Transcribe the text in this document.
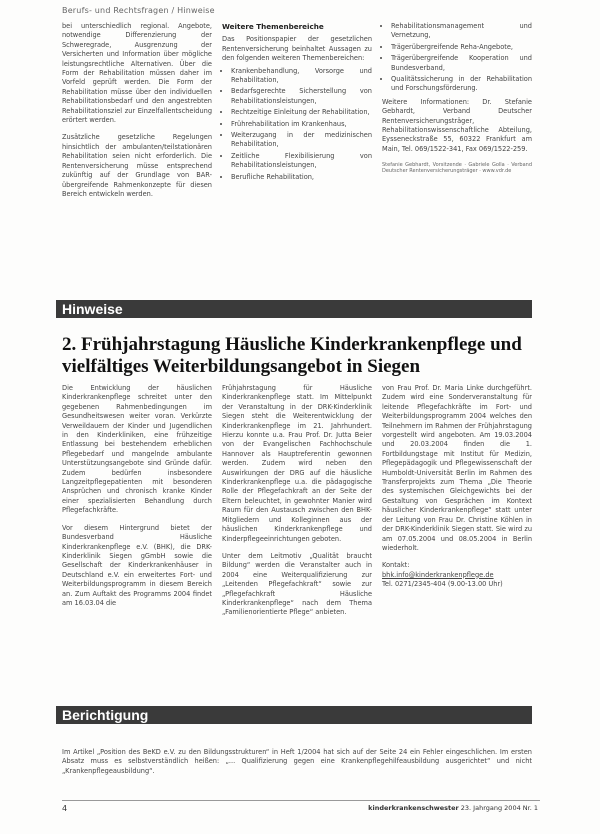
Berufs- und Rechtsfragen / Hinweise

bei unterschiedlich regional. Angebote, notwendige Differenzierung der Schweregrade, Ausgrenzung der Versicherten und Information über mögliche leistungsrechtliche Alternativen. Über die Form der Rehabilitation müssen daher im Vorfeld geprüft werden. Die Form der Rehabilitation müsse über den individuellen Rehabilitationsbedarf und den angestrebten Rehabilitationsziel zur Einzelfallentscheidung erörtert werden.

Zusätzliche gesetzliche Regelungen hinsichtlich der ambulanten/teilstationären Rehabilitation seien nicht erforderlich. Die Rentenversicherung müsse entsprechend zukünftig auf der Grundlage von BAR-übergreifende Rahmenkonzepte für diesen Bereich entwickeln werden.

Weitere Themenbereiche

Das Positionspapier der gesetzlichen Rentenversicherung beinhaltet Aussagen zu den folgenden weiteren Themenbereichen:

• Krankenbehandlung, Vorsorge und Rehabilitation,
• Bedarfsgerechte Sicherstellung von Rehabilitationsleistungen,
• Rechtzeitige Einleitung der Rehabilitation,
• Frührehabilitation im Krankenhaus,
• Weiterzugang in der medizinischen Rehabilitation,
• Zeitliche Flexibilisierung von Rehabilitationsleistungen,
• Berufliche Rehabilitation,
• Rehabilitationsmanagement und Vernetzung,
• Trägerübergreifende Reha-Angebote,
• Trägerübergreifende Kooperation und Bundesverband,
• Qualitätssicherung in der Rehabilitation und Forschungsförderung.

Weitere Informationen: Dr. Stefanie Gebhardt, Verband Deutscher Rentenversicherungsträger, Rehabilitationswissenschaftliche Abteilung, Eysseneckstraße 55, 60322 Frankfurt am Main, Tel. 069/1522-341, Fax 069/1522-259.

Stefanie Gebhardt, Vorsitzende · Gabriele Golla · Verband Deutscher Rentenversicherungsträger · www.vdr.de
Hinweise
2. Frühjahrstagung Häusliche Kinderkrankenpflege und vielfältiges Weiterbildungsangebot in Siegen

Die Entwicklung der häuslichen Kinderkrankenpflege schreitet unter den gegebenen Rahmenbedingungen im Gesundheitswesen weiter voran. Verkürzte Verweildauern der Kinder und Jugendlichen in den Kinderkliniken, eine frühzeitige Entlassung bei bestehendem erheblichen Pflegebedarf und mangelnde ambulante Unterstützungsangebote sind Gründe dafür. Zudem bedürfen insbesondere Langzeitpflegepatienten mit besonderen Ansprüchen und chronisch kranke Kinder einer spezialisierten Behandlung durch Pflegefachkräfte.

Vor diesem Hintergrund bietet der Bundesverband Häusliche Kinderkrankenpflege e.V. (BHK), die DRK-Kinderklinik Siegen gGmbH sowie die Gesellschaft der Kinderkrankenhäuser in Deutschland e.V. ein erweitertes Fort- und Weiterbildungsprogramm in diesem Bereich an. Zum Auftakt des Programms 2004 findet am 16.03.04 die

Frühjahrstagung für Häusliche Kinderkrankenpflege statt. Im Mittelpunkt der Veranstaltung in der DRK-Kinderklinik Siegen steht die Weiterentwicklung der Kinderkrankenpflege im 21. Jahrhundert. Hierzu konnte u.a. Frau Prof. Dr. Jutta Beier von der Evangelischen Fachhochschule Hannover als Hauptreferentin gewonnen werden. Zudem wird neben den Auswirkungen der DRG auf die häusliche Kinderkrankenpflege u.a. die pädagogische Rolle der Pflegefachkraft an der Seite der Eltern beleuchtet, in gewohnter Manier wird Raum für den Austausch zwischen den BHK-Mitgliedern und Kolleginnen aus der häuslichen Kinderkrankenpflege und Kinderpflegeeinrichtungen geboten.

Unter dem Leitmotiv „Qualität braucht Bildung“ werden die Veranstalter auch in 2004 eine Weiterqualifizierung zur „Leitenden Pflegefachkraft“ sowie zur „Pflegefachkraft Häusliche Kinderkrankenpflege“ nach dem Thema „Familienorientierte Pflege“ anbieten.

von Frau Prof. Dr. Maria Linke durchgeführt. Zudem wird eine Sonderveranstaltung für leitende Pflegefachkräfte im Fort- und Weiterbildungsprogramm 2004 welches den Teilnehmern im Rahmen der Frühjahrstagung vorgestellt wird angeboten. Am 19.03.2004 und 20.03.2004 finden die 1. Fortbildungstage mit Institut für Medizin, Pflegepädagogik und Pflegewissenschaft der Humboldt-Universität Berlin im Rahmen des Transferprojekts zum Thema „Die Theorie des systemischen Gleichgewichts bei der Gestaltung von Gesprächen im Kontext häuslicher Kinderkrankenpflege“ statt unter der Leitung von Frau Dr. Christine Köhlen in der DRK-Kinderklinik Siegen statt. Sie wird zu am 07.05.2004 und 08.05.2004 in Berlin wiederholt.

Kontakt:

bhk.info@kinderkrankenpflege.de

Tel. 0271/2345-404 (9.00-13.00 Uhr)

Berichtigung
Im Artikel „Position des BeKD e.V. zu den Bildungsstrukturen“ in Heft 1/2004 hat sich auf der Seite 24 ein Fehler eingeschlichen. Im ersten Absatz muss es selbstverständlich heißen: „... Qualifizierung gegen eine Krankenpflegehilfeausbildung ausgerichtet“ und nicht „Krankenpflegeausbildung“.
4	kinderkrankenschwester 23. Jahrgang 2004 Nr. 1
